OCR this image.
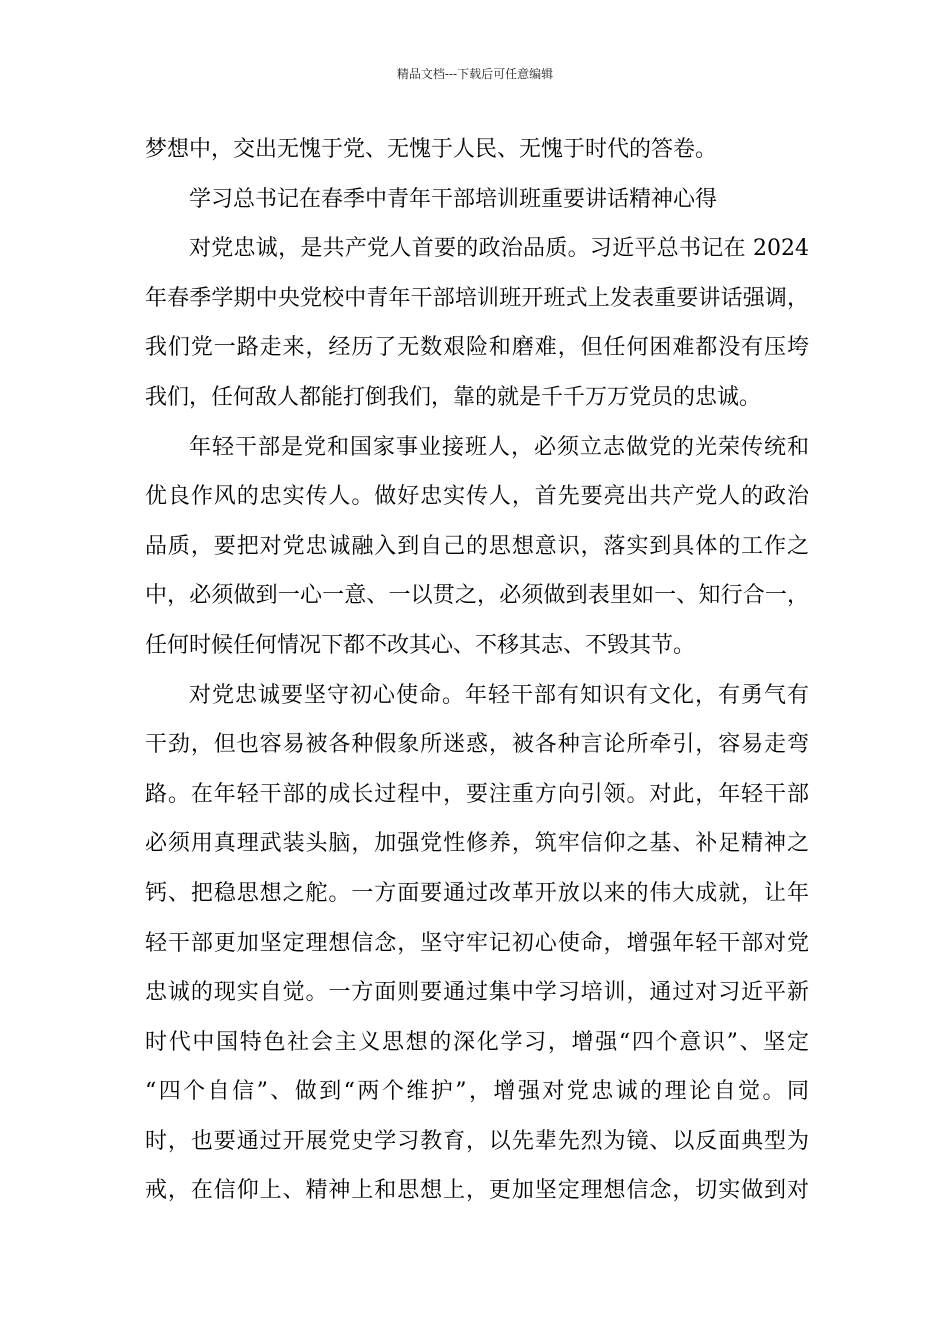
精品文档---下载后可任意编辑
梦想中，交出无愧于党、无愧于人民、无愧于时代的答卷。
学习总书记在春季中青年干部培训班重要讲话精神心得
对党忠诚，是共产党人首要的政治品质。习近平总书记在 2024
年春季学期中央党校中青年干部培训班开班式上发表重要讲话强调，
我们党一路走来，经历了无数艰险和磨难，但任何困难都没有压垮
我们，任何敌人都能打倒我们，靠的就是千千万万党员的忠诚。
年轻干部是党和国家事业接班人，必须立志做党的光荣传统和
优良作风的忠实传人。做好忠实传人，首先要亮出共产党人的政治
品质，要把对党忠诚融入到自己的思想意识，落实到具体的工作之
中，必须做到一心一意、一以贯之，必须做到表里如一、知行合一，
任何时候任何情况下都不改其心、不移其志、不毁其节。
对党忠诚要坚守初心使命。年轻干部有知识有文化，有勇气有
干劲，但也容易被各种假象所迷惑，被各种言论所牵引，容易走弯
路。在年轻干部的成长过程中，要注重方向引领。对此，年轻干部
必须用真理武装头脑，加强党性修养，筑牢信仰之基、补足精神之
钙、把稳思想之舵。一方面要通过改革开放以来的伟大成就，让年
轻干部更加坚定理想信念，坚守牢记初心使命，增强年轻干部对党
忠诚的现实自觉。一方面则要通过集中学习培训，通过对习近平新
时代中国特色社会主义思想的深化学习，增强“四个意识”、坚定
“四个自信”、做到“两个维护”，增强对党忠诚的理论自觉。同
时，也要通过开展党史学习教育，以先辈先烈为镜、以反面典型为
戒，在信仰上、精神上和思想上，更加坚定理想信念，切实做到对
